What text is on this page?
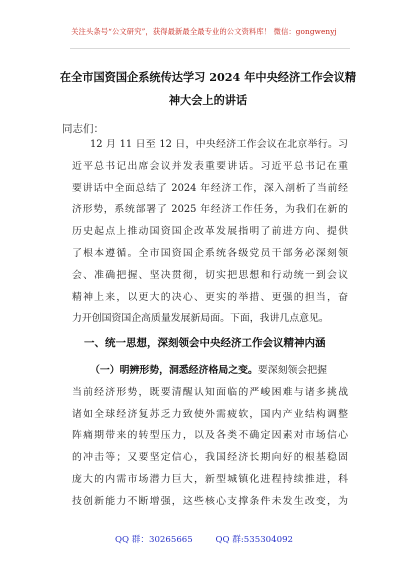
关注头条号“公文研究”，获得最新最全最专业的公文资料库！ 微信：gongwenyj
在全市国资国企系统传达学习 2024 年中央经济工作会议精
神大会上的讲话
同志们：
12 月 11 日至 12 日，中央经济工作会议在北京举行。习
近平总书记出席会议并发表重要讲话。习近平总书记在重
要讲话中全面总结了 2024 年经济工作，深入剖析了当前经
济形势，系统部署了 2025 年经济工作任务，为我们在新的
历史起点上推动国资国企改革发展指明了前进方向、提供
了根本遵循。全市国资国企系统各级党员干部务必深刻领
会、准确把握、坚决贯彻，切实把思想和行动统一到会议
精神上来，以更大的决心、更实的举措、更强的担当，奋
力开创国资国企高质量发展新局面。下面，我讲几点意见。
一、统一思想，深刻领会中央经济工作会议精神内涵
（一）明辨形势，洞悉经济格局之变。要深刻领会把握
当前经济形势，既要清醒认知面临的严峻困难与诸多挑战
诸如全球经济复苏乏力致使外需疲软，国内产业结构调整
阵痛期带来的转型压力，以及各类不确定因素对市场信心
的冲击等；又要坚定信心，我国经济长期向好的根基稳固
庞大的内需市场潜力巨大，新型城镇化进程持续推进，科
技创新能力不断增强，这些核心支撑条件未发生改变，为
QQ 群：30265665	QQ 群:535304092
